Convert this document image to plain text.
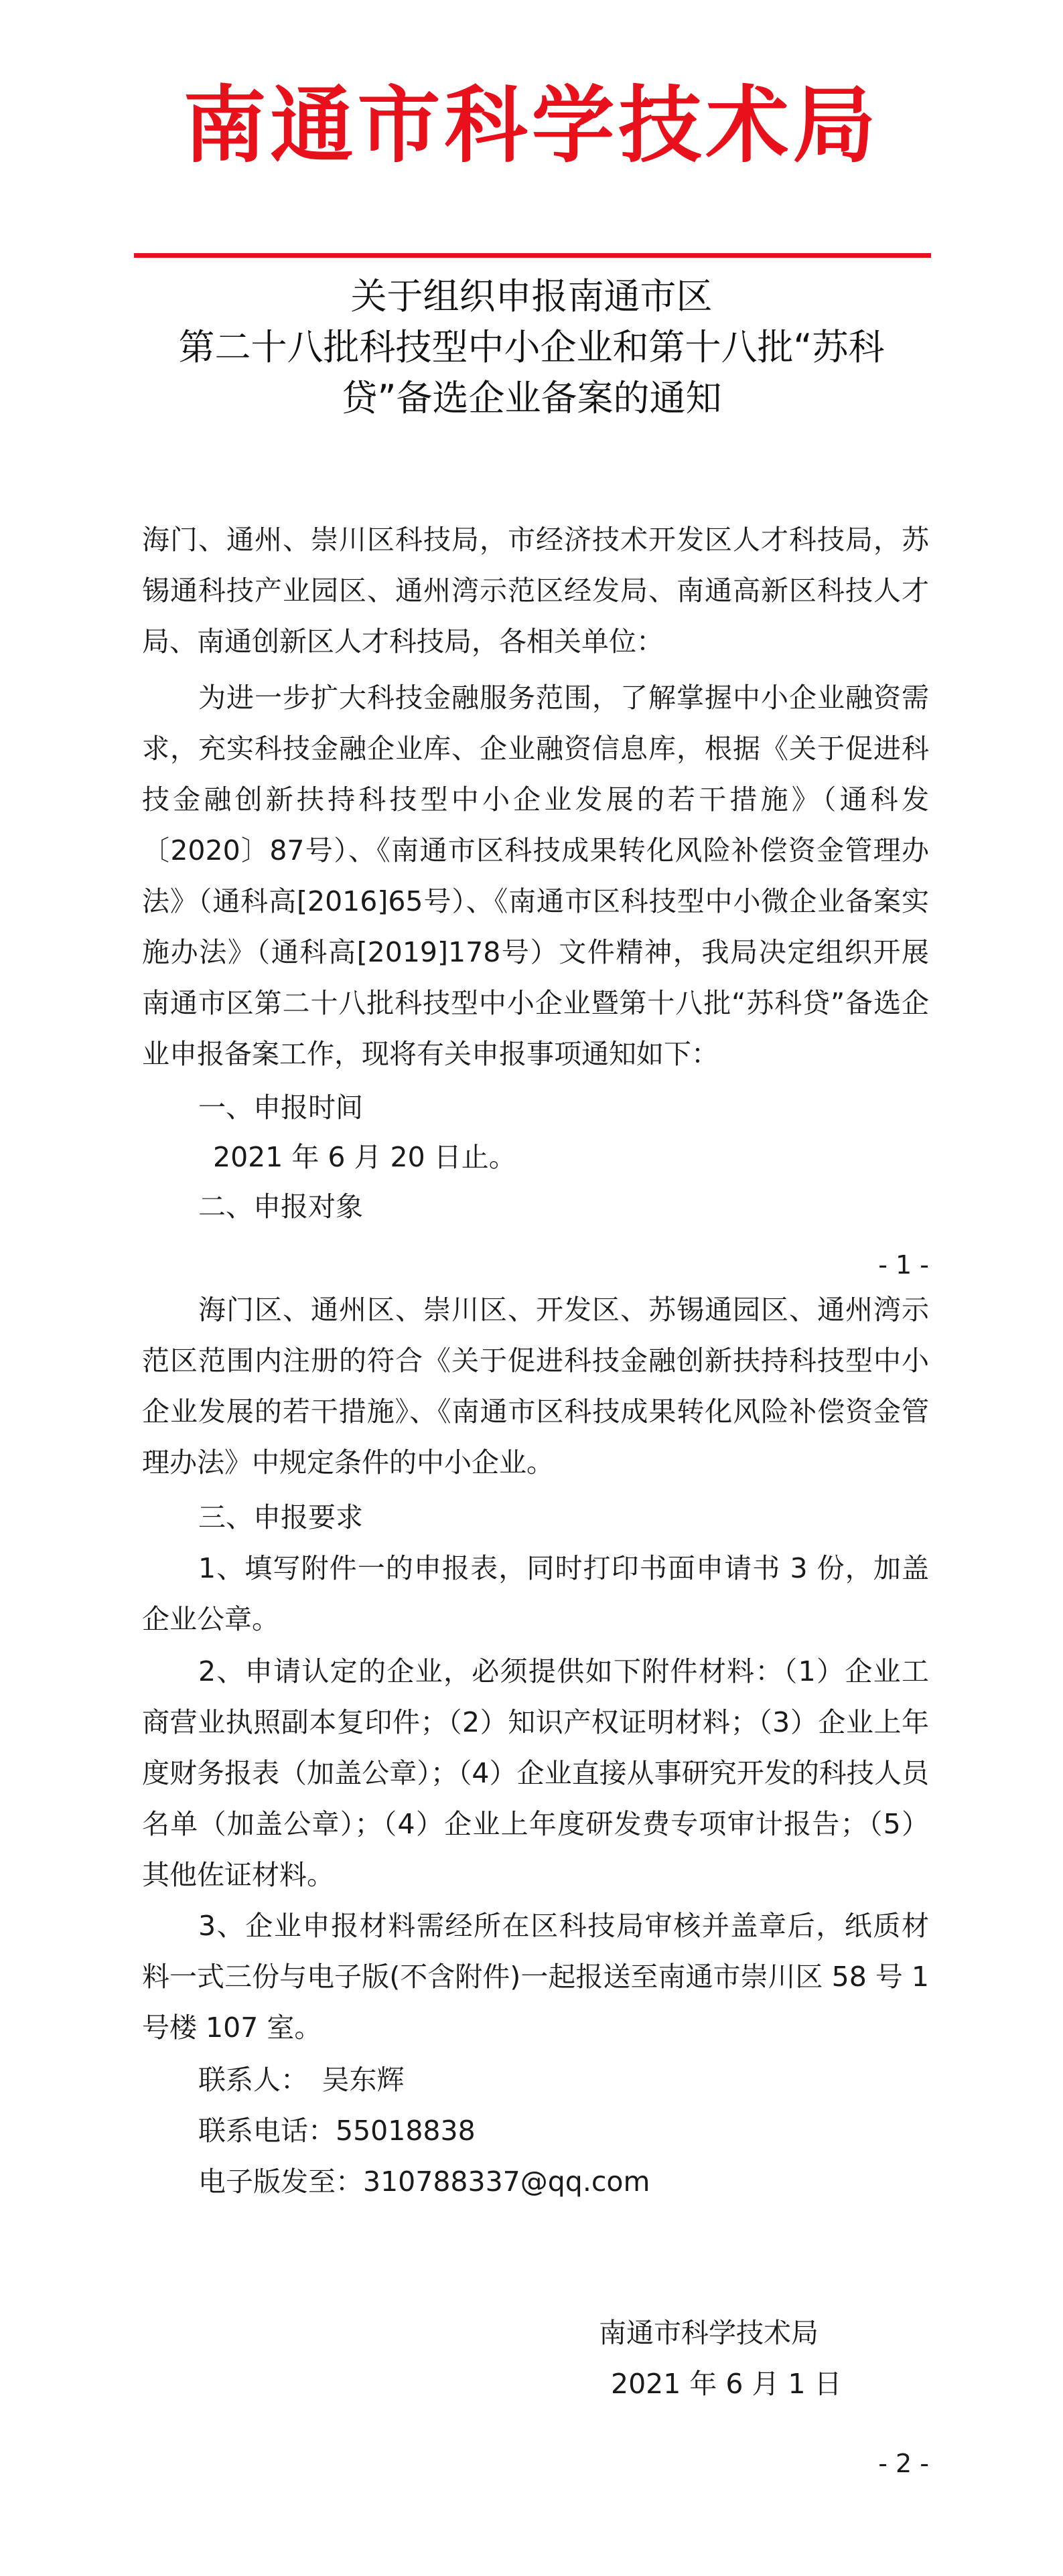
南通市科学技术局
关于组织申报南通市区
第二十八批科技型中小企业和第十八批“苏科
贷”备选企业备案的通知
海门、通州、崇川区科技局，市经济技术开发区人才科技局，苏锡通科技产业园区、通州湾示范区经发局、南通高新区科技人才局、南通创新区人才科技局，各相关单位：
为进一步扩大科技金融服务范围，了解掌握中小企业融资需求，充实科技金融企业库、企业融资信息库，根据《关于促进科技金融创新扶持科技型中小企业发展的若干措施》（通科发〔2020〕87号）、《南通市区科技成果转化风险补偿资金管理办法》（通科高[2016]65号）、《南通市区科技型中小微企业备案实施办法》（通科高[2019]178号）文件精神，我局决定组织开展南通市区第二十八批科技型中小企业暨第十八批“苏科贷”备选企业申报备案工作，现将有关申报事项通知如下：
一、申报时间
2021 年 6 月 20 日止。
二、申报对象
- 1 -
海门区、通州区、崇川区、开发区、苏锡通园区、通州湾示范区范围内注册的符合《关于促进科技金融创新扶持科技型中小企业发展的若干措施》、《南通市区科技成果转化风险补偿资金管理办法》中规定条件的中小企业。
三、申报要求
1、填写附件一的申报表，同时打印书面申请书 3 份，加盖企业公章。
2、申请认定的企业，必须提供如下附件材料：（1）企业工商营业执照副本复印件；（2）知识产权证明材料；（3）企业上年度财务报表（加盖公章）；（4）企业直接从事研究开发的科技人员名单（加盖公章）；（4）企业上年度研发费专项审计报告；（5）其他佐证材料。
3、企业申报材料需经所在区科技局审核并盖章后，纸质材料一式三份与电子版(不含附件)一起报送至南通市崇川区 58 号 1 号楼 107 室。
联系人：　吴东辉
联系电话：55018838
电子版发至：310788337@qq.com
南通市科学技术局
2021 年 6 月 1 日
- 2 -
